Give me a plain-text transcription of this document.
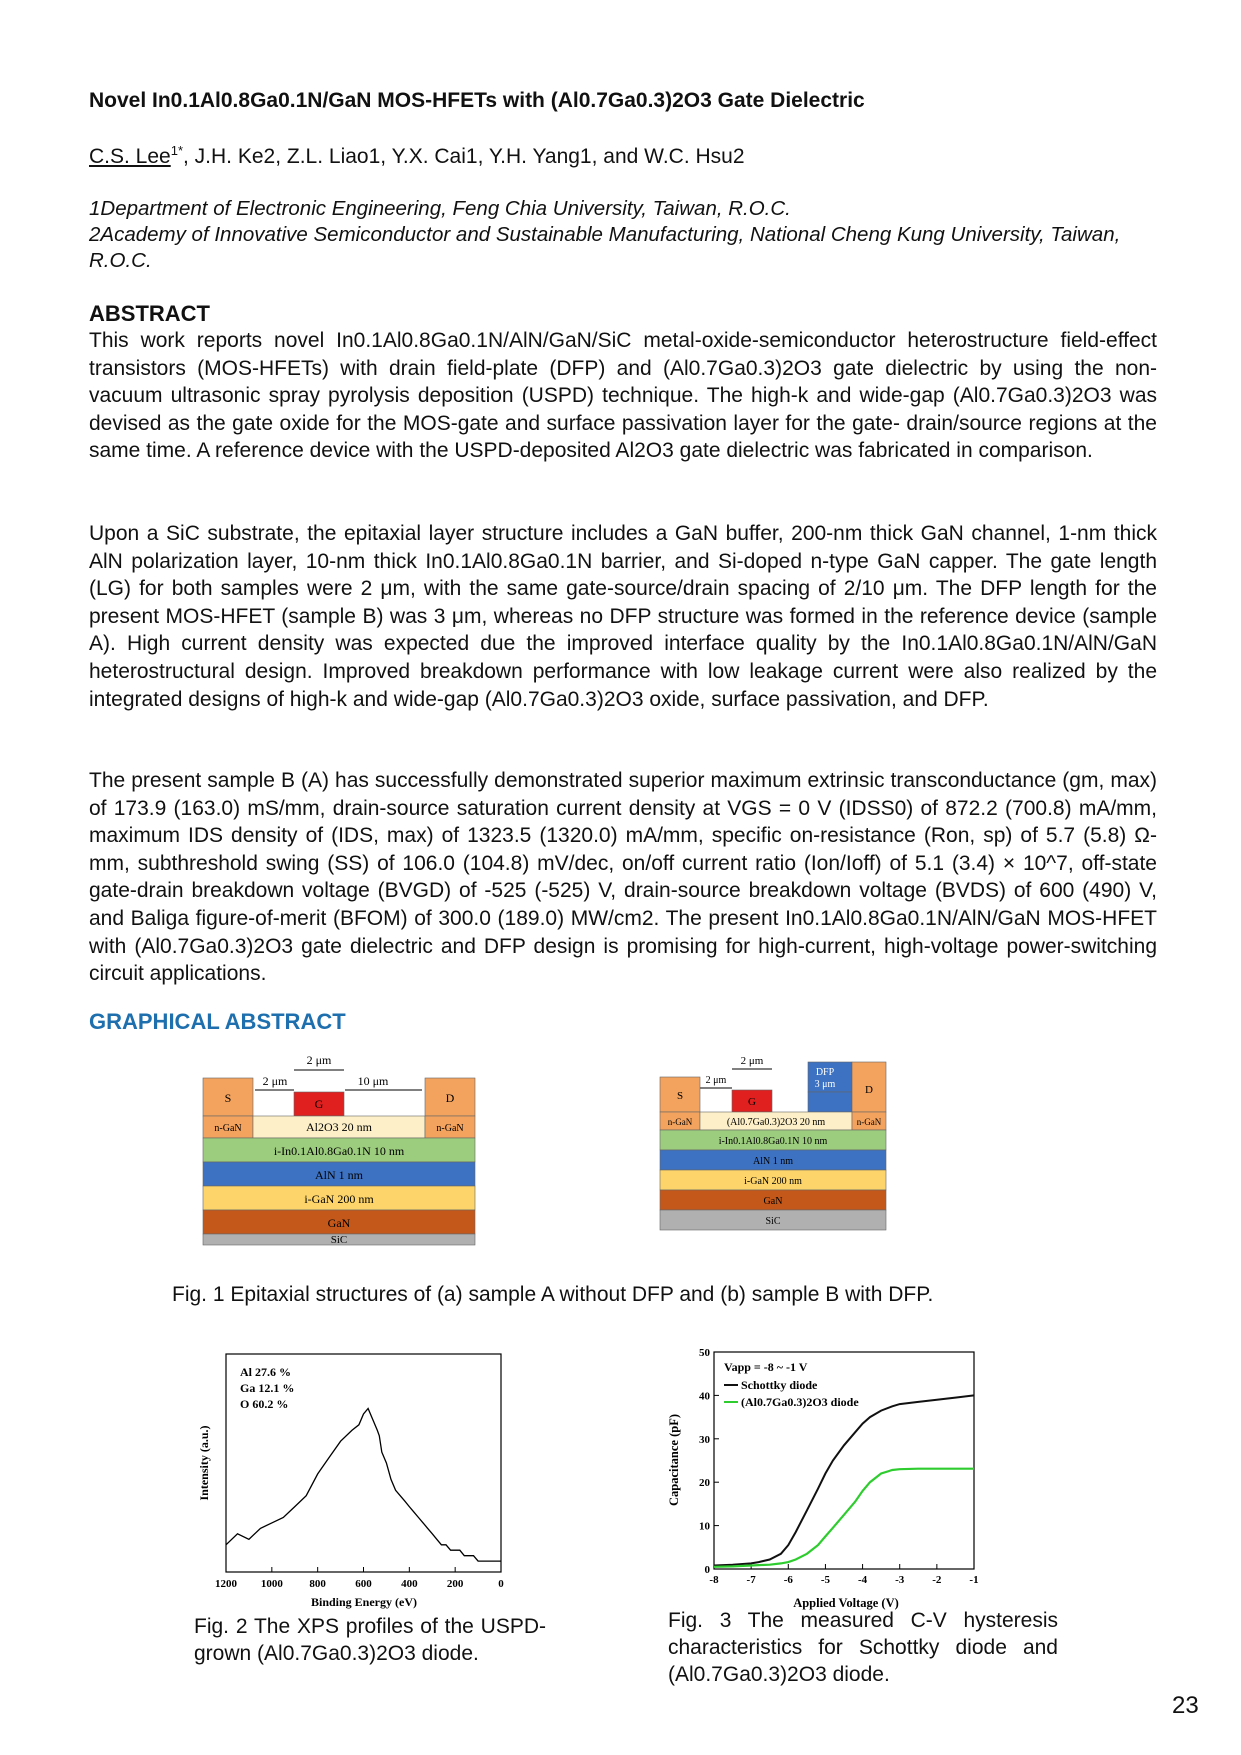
Novel In0.1Al0.8Ga0.1N/GaN MOS-HFETs with (Al0.7Ga0.3)2O3 Gate Dielectric
C.S. Lee$^{1*}$, J.H. Ke2, Z.L. Liao1, Y.X. Cai1, Y.H. Yang1, and W.C. Hsu2
1Department of Electronic Engineering, Feng Chia University, Taiwan, R.O.C.
2Academy of Innovative Semiconductor and Sustainable Manufacturing, National Cheng Kung University, Taiwan, R.O.C.
ABSTRACT
This work reports novel In0.1Al0.8Ga0.1N/AlN/GaN/SiC metal-oxide-semiconductor heterostructure field-effect transistors (MOS-HFETs) with drain field-plate (DFP) and (Al0.7Ga0.3)2O3 gate dielectric by using the non-vacuum ultrasonic spray pyrolysis deposition (USPD) technique. The high-k and wide-gap (Al0.7Ga0.3)2O3 was devised as the gate oxide for the MOS-gate and surface passivation layer for the gate- drain/source regions at the same time. A reference device with the USPD-deposited Al2O3 gate dielectric was fabricated in comparison.
Upon a SiC substrate, the epitaxial layer structure includes a GaN buffer, 200-nm thick GaN channel, 1-nm thick AlN polarization layer, 10-nm thick In0.1Al0.8Ga0.1N barrier, and Si-doped n-type GaN capper. The gate length (LG) for both samples were 2 μm, with the same gate-source/drain spacing of 2/10 μm. The DFP length for the present MOS-HFET (sample B) was 3 μm, whereas no DFP structure was formed in the reference device (sample A). High current density was expected due the improved interface quality by the In0.1Al0.8Ga0.1N/AlN/GaN heterostructural design. Improved breakdown performance with low leakage current were also realized by the integrated designs of high-k and wide-gap (Al0.7Ga0.3)2O3 oxide, surface passivation, and DFP.
The present sample B (A) has successfully demonstrated superior maximum extrinsic transconductance (gm, max) of 173.9 (163.0) mS/mm, drain-source saturation current density at VGS = 0 V (IDSS0) of 872.2 (700.8) mA/mm, maximum IDS density of (IDS, max) of 1323.5 (1320.0) mA/mm, specific on-resistance (Ron, sp) of 5.7 (5.8) Ω-mm, subthreshold swing (SS) of 106.0 (104.8) mV/dec, on/off current ratio (Ion/Ioff) of 5.1 (3.4) × 10^7, off-state gate-drain breakdown voltage (BVGD) of -525 (-525) V, drain-source breakdown voltage (BVDS) of 600 (490) V, and Baliga figure-of-merit (BFOM) of 300.0 (189.0) MW/cm2. The present In0.1Al0.8Ga0.1N/AlN/GaN MOS-HFET with (Al0.7Ga0.3)2O3 gate dielectric and DFP design is promising for high-current, high-voltage power-switching circuit applications.
GRAPHICAL ABSTRACT
2 μm
2 μm	10 μm
S	G	D
n-GaN	Al2O3 20 nm	n-GaN
i-In0.1Al0.8Ga0.1N 10 nm
AlN 1 nm
i-GaN 200 nm
GaN
SiC
2 μm
2 μm
DFP
3 μm
S	G
D
n-GaN	(Al0.7Ga0.3)2O3 20 nm	n-GaN
i-In0.1Al0.8Ga0.1N 10 nm
AlN 1 nm
i-GaN 200 nm
GaN
SiC
Fig. 1 Epitaxial structures of (a) sample A without DFP and (b) sample B with DFP.
Al 27.6 %
Ga 12.1 %
O 60.2 %
1200 1000 800	600	400	200	0
Binding Energy (eV)
Intensity (a.u.)
Fig. 2 The XPS profiles of the USPD-grown (Al0.7Ga0.3)2O3 diode.
0
10
20
30
40
50
-8	-7	-6	-5	-4	-3	-2	-1
Vapp = -8 ~ -1 V
Schottky diode
(Al0.7Ga0.3)2O3 diode
Applied Voltage (V)
Capacitance (pF)
Fig. 3 The measured C-V hysteresis characteristics for Schottky diode and (Al0.7Ga0.3)2O3 diode.
23
